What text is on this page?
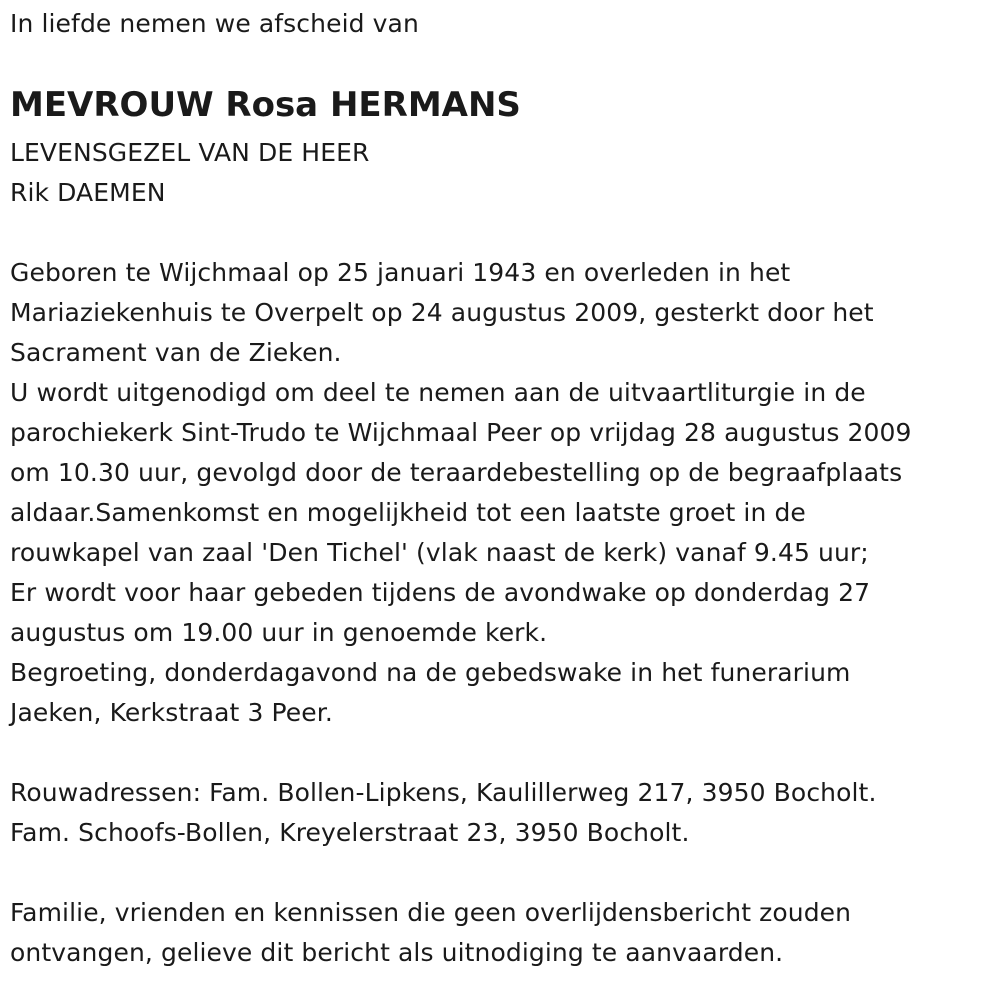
In liefde nemen we afscheid van
MEVROUW Rosa HERMANS
LEVENSGEZEL VAN DE HEER
Rik DAEMEN
Geboren te Wijchmaal op 25 januari 1943 en overleden in het
Mariaziekenhuis te Overpelt op 24 augustus 2009, gesterkt door het
Sacrament van de Zieken.
U wordt uitgenodigd om deel te nemen aan de uitvaartliturgie in de
parochiekerk Sint-Trudo te Wijchmaal Peer op vrijdag 28 augustus 2009
om 10.30 uur, gevolgd door de teraardebestelling op de begraafplaats
aldaar.Samenkomst en mogelijkheid tot een laatste groet in de
rouwkapel van zaal 'Den Tichel' (vlak naast de kerk) vanaf 9.45 uur;
Er wordt voor haar gebeden tijdens de avondwake op donderdag 27
augustus om 19.00 uur in genoemde kerk.
Begroeting, donderdagavond na de gebedswake in het funerarium
Jaeken, Kerkstraat 3 Peer.
Rouwadressen: Fam. Bollen-Lipkens, Kaulillerweg 217, 3950 Bocholt.
Fam. Schoofs-Bollen, Kreyelerstraat 23, 3950 Bocholt.
Familie, vrienden en kennissen die geen overlijdensbericht zouden
ontvangen, gelieve dit bericht als uitnodiging te aanvaarden.
